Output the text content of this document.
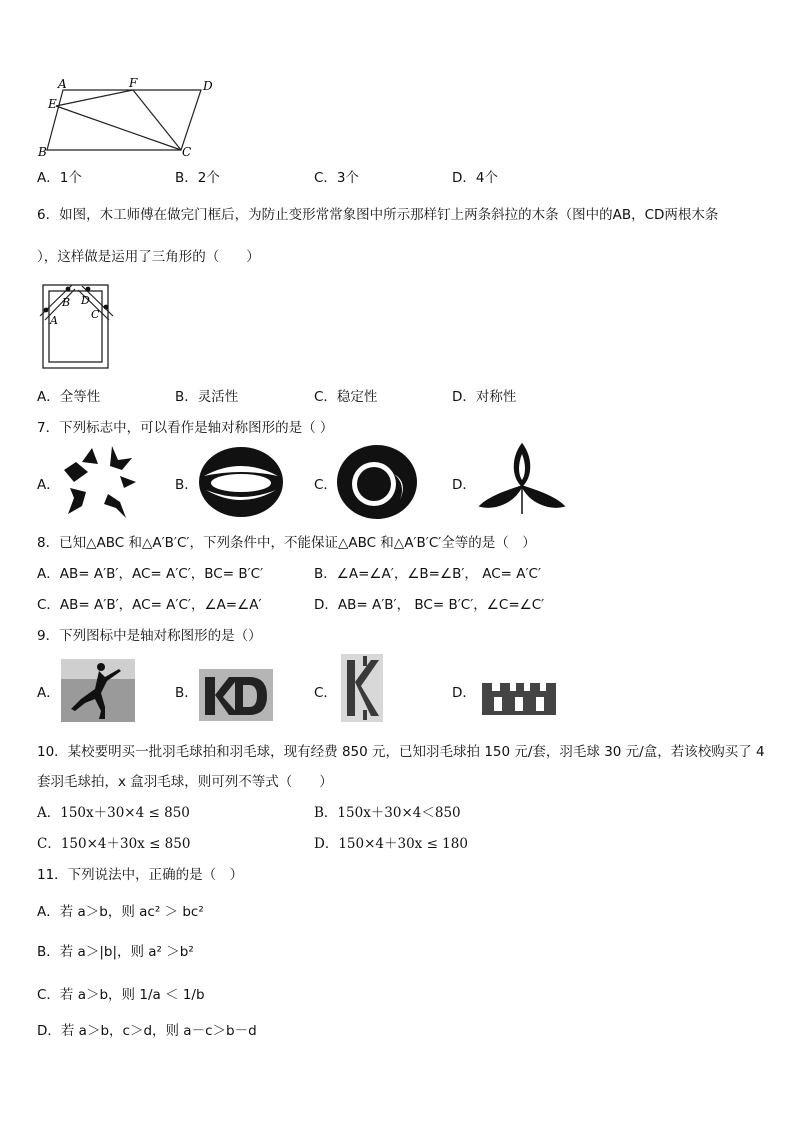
A	F	D
E
B	C
A．1个	B．2个	C．3个	D．4个
6．如图，木工师傅在做完门框后，为防止变形常常象图中所示那样钉上两条斜拉的木条（图中的AB，CD两根木条
），这样做是运用了三角形的（　　）
B D
A	C
A．全等性	B．灵活性	C．稳定性	D．对称性
7．下列标志中，可以看作是轴对称图形的是（ ）
A．	B．	C．	D．
8．已知△ABC 和△A′B′C′，下列条件中，不能保证△ABC 和△A′B′C′全等的是（　）
A．AB= A′B′，AC= A′C′，BC= B′C′	B．∠A=∠A′，∠B=∠B′， AC= A′C′
C．AB= A′B′，AC= A′C′，∠A=∠A′	D．AB= A′B′， BC= B′C′，∠C=∠C′
9．下列图标中是轴对称图形的是（）
A．	B．	C．	D．
10．某校要明买一批羽毛球拍和羽毛球，现有经费 850 元，已知羽毛球拍 150 元/套，羽毛球 30 元/盒，若该校购买了 4
套羽毛球拍，x 盒羽毛球，则可列不等式（　　）
A．150x＋30×4 ≤ 850	B．150x＋30×4＜850
C．150×4＋30x ≤ 850	D．150×4＋30x ≤ 180
11．下列说法中，正确的是（　）
A．若 a＞b，则 ac² ＞ bc²
B．若 a＞|b|，则 a² ＞b²
C．若 a＞b，则 1/a ＜ 1/b
D．若 a＞b，c＞d，则 a－c＞b－d
